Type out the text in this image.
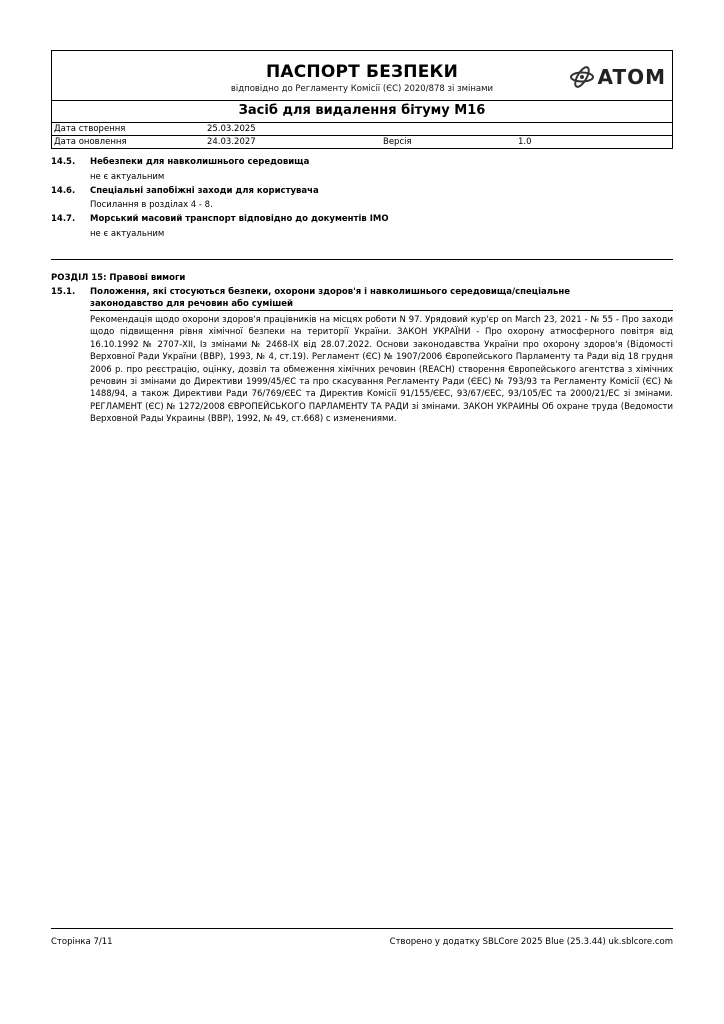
ПАСПОРТ БЕЗПЕКИ
відповідно до Регламенту Комісії (ЄС) 2020/878 зі змінами	ATOM
Засіб для видалення бітуму М16
Дата створення	25.03.2025
Дата оновлення	24.03.2027	Версія	1.0
14.5. Небезпеки для навколишнього середовища
не є актуальним
14.6. Спеціальні запобіжні заходи для користувача
Посилання в розділах 4 - 8.
14.7. Морський масовий транспорт відповідно до документів IMO
не є актуальним
РОЗДІЛ 15: Правові вимоги
15.1. Положення, які стосуються безпеки, охорони здоров'я і навколишнього середовища/спеціальне
законодавство для речовин або сумішей

Рекомендація щодо охорони здоров'я працівників на місцях роботи N 97. Урядовий кур'єр on March 23, 2021 - № 55 - Про заходи щодо підвищення рівня хімічної безпеки на території України. ЗАКОН УКРАЇНИ - Про охорону атмосферного повітря від 16.10.1992 № 2707-XII, Із змінами № 2468-IX від 28.07.2022. Основи законодавства України про охорону здоров'я (Відомості Верховної Ради України (ВВР), 1993, № 4, ст.19). Регламент (ЄС) № 1907/2006 Європейського Парламенту та Ради від 18 грудня 2006 р. про реєстрацію, оцінку, дозвіл та обмеження хімічних речовин (REACH) створення Європейського агентства з хімічних речовин зі змінами до Директиви 1999/45/ЄС та про скасування Регламенту Ради (ЄЕС) № 793/93 та Регламенту Комісії (ЄС) № 1488/94, а також Директиви Ради 76/769/ЄЕС та Директив Комісії 91/155/ЄЕС, 93/67/ЄЕС, 93/105/ЕС та 2000/21/ЕС зі змінами. РЕГЛАМЕНТ (ЄС) № 1272/2008 ЄВРОПЕЙСЬКОГО ПАРЛАМЕНТУ ТА РАДИ зі змінами. ЗАКОН УКРАИНЫ Об охране труда (Ведомости Верховной Рады Украины (ВВР), 1992, № 49, ст.668) с изменениями.

Сторінка 7/11	Створено у додатку SBLCore 2025 Blue (25.3.44) uk.sblcore.com
